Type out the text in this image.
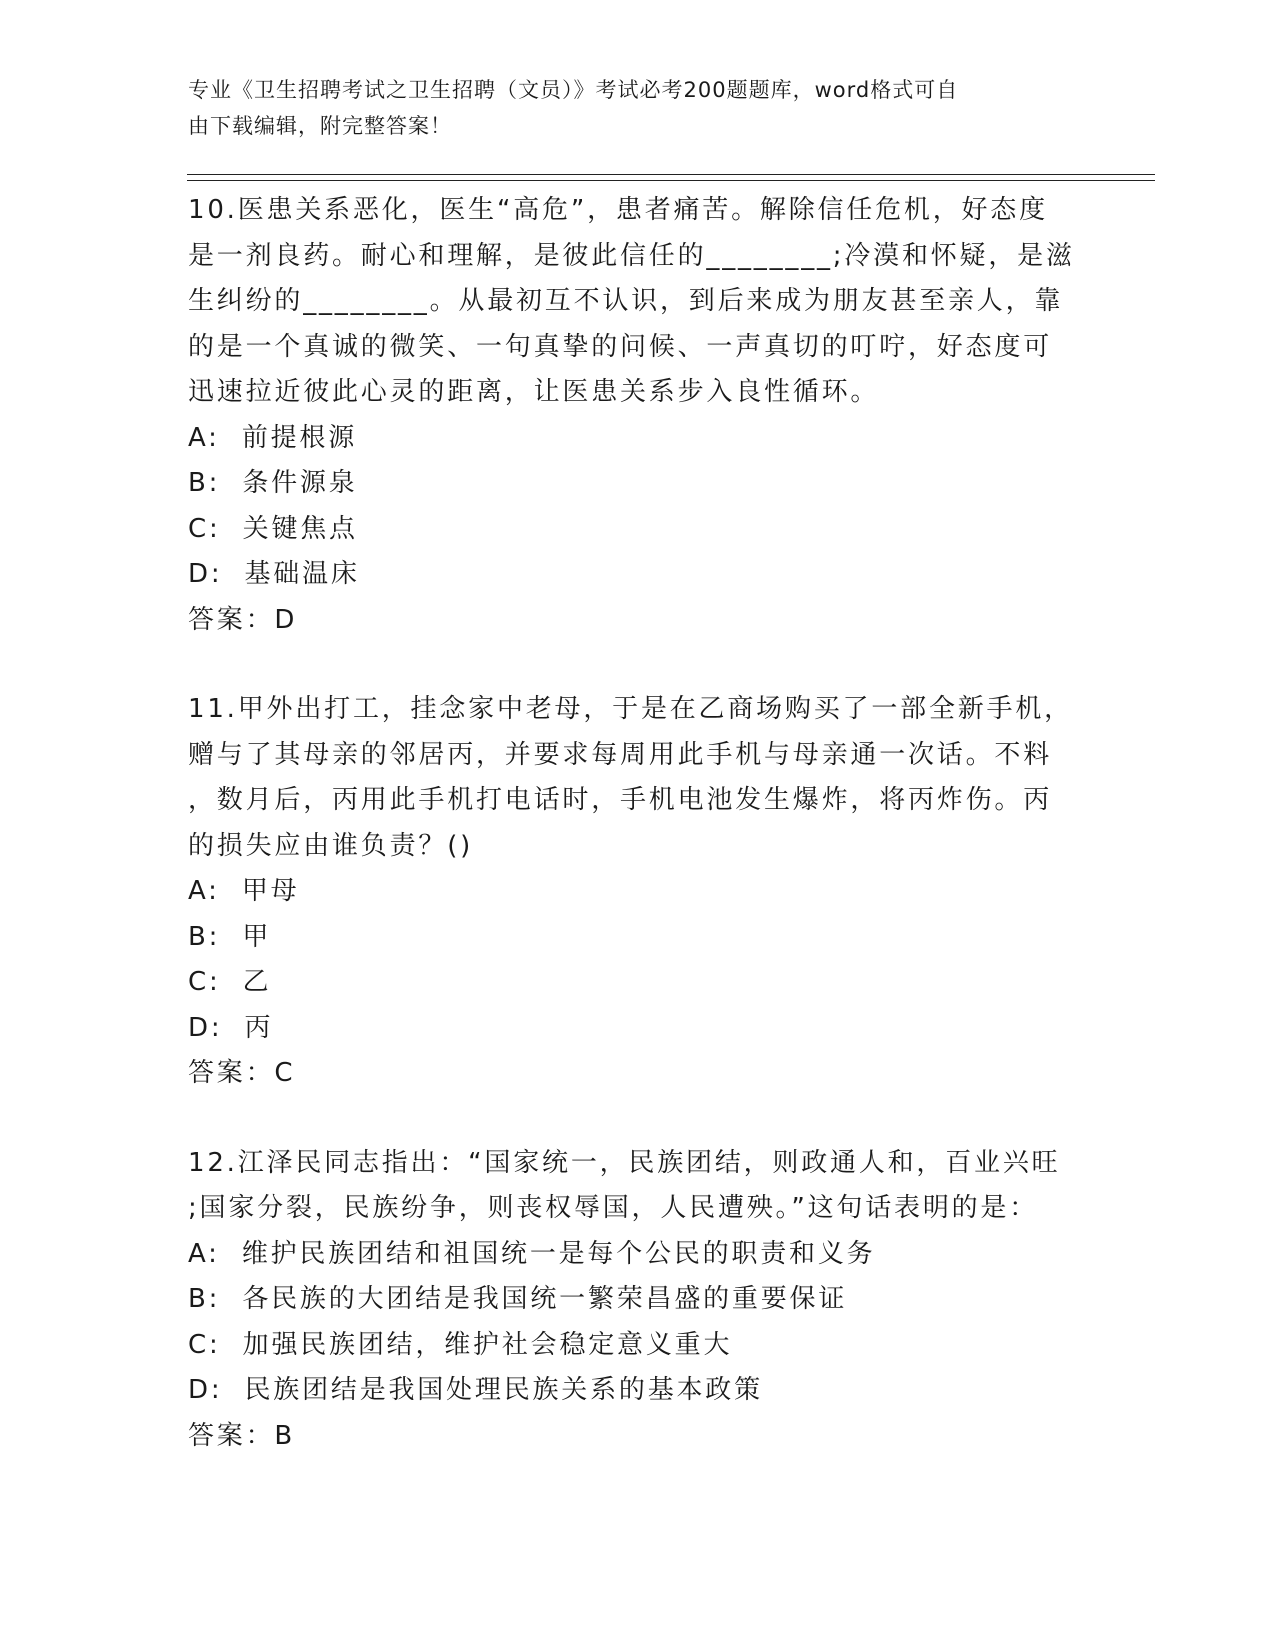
专业《卫生招聘考试之卫生招聘（文员）》考试必考200题题库，word格式可自
由下载编辑，附完整答案！

10.医患关系恶化，医生“高危”，患者痛苦。解除信任危机，好态度

是一剂良药。耐心和理解，是彼此信任的________;冷漠和怀疑，是滋

生纠纷的________。从最初互不认识，到后来成为朋友甚至亲人，靠

的是一个真诚的微笑、一句真挚的问候、一声真切的叮咛，好态度可

迅速拉近彼此心灵的距离，让医患关系步入良性循环。

A:  前提根源

B:  条件源泉

C:  关键焦点

D:  基础温床

答案：D

11.甲外出打工，挂念家中老母，于是在乙商场购买了一部全新手机，

赠与了其母亲的邻居丙，并要求每周用此手机与母亲通一次话。不料

，数月后，丙用此手机打电话时，手机电池发生爆炸，将丙炸伤。丙

的损失应由谁负责？()

A:  甲母

B:  甲

C:  乙

D:  丙

答案：C

12.江泽民同志指出：“国家统一，民族团结，则政通人和，百业兴旺

;国家分裂，民族纷争，则丧权辱国，人民遭殃。”这句话表明的是：

A:  维护民族团结和祖国统一是每个公民的职责和义务

B:  各民族的大团结是我国统一繁荣昌盛的重要保证

C:  加强民族团结，维护社会稳定意义重大

D:  民族团结是我国处理民族关系的基本政策

答案：B
